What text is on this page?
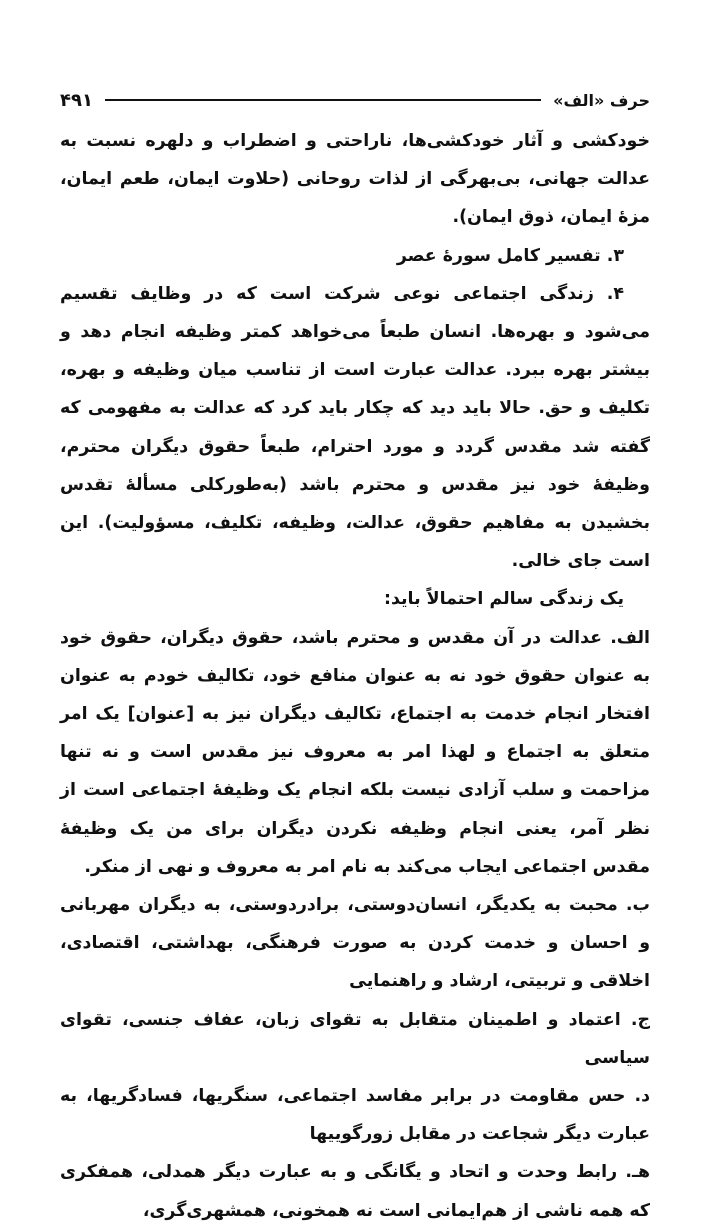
حرف «الف»
۴۹۱

خودکشی و آثار خودکشی‌ها، ناراحتی و اضطراب و دلهره نسبت به عدالت جهانی، بی‌بهرگی از لذات روحانی (حلاوت ایمان، طعم ایمان، مزهٔ ایمان، ذوق ایمان).

۳. تفسیر کامل سورهٔ عصر

۴. زندگی اجتماعی نوعی شرکت است که در وظایف تقسیم می‌شود و بهره‌ها. انسان طبعاً می‌خواهد کمتر وظیفه انجام دهد و بیشتر بهره ببرد. عدالت عبارت است از تناسب میان وظیفه و بهره، تکلیف و حق. حالا باید دید که چکار باید کرد که عدالت به مفهومی که گفته شد مقدس گردد و مورد احترام، طبعاً حقوق دیگران محترم، وظیفهٔ خود نیز مقدس و محترم باشد (به‌طورکلی مسألهٔ تقدس بخشیدن به مفاهیم حقوق، عدالت، وظیفه، تکلیف، مسؤولیت). این است جای خالی.

یک زندگی سالم احتمالاً باید:

الف. عدالت در آن مقدس و محترم باشد، حقوق دیگران، حقوق خود به عنوان حقوق خود نه به عنوان منافع خود، تکالیف خودم به عنوان افتخار انجام خدمت به اجتماع، تکالیف دیگران نیز به [عنوان] یک امر متعلق به اجتماع و لهذا امر به معروف نیز مقدس است و نه تنها مزاحمت و سلب آزادی نیست بلکه انجام یک وظیفهٔ اجتماعی است از نظر آمر، یعنی انجام وظیفه نکردن دیگران برای من یک وظیفهٔ مقدس اجتماعی ایجاب می‌کند به نام امر به معروف و نهی از منکر.

ب. محبت به یکدیگر، انسان‌دوستی، برادردوستی، به دیگران مهربانی و احسان و خدمت کردن به صورت فرهنگی، بهداشتی، اقتصادی، اخلاقی و تربیتی، ارشاد و راهنمایی

ج. اعتماد و اطمینان متقابل به تقوای زبان، عفاف جنسی، تقوای سیاسی

د. حس مقاومت در برابر مفاسد اجتماعی، سنگریها، فسادگریها، به عبارت دیگر شجاعت در مقابل زورگوییها

هـ. رابط وحدت و اتحاد و یگانگی و به عبارت دیگر همدلی، همفکری که همه ناشی از هم‌ایمانی است نه همخونی، همشهری‌گری،
